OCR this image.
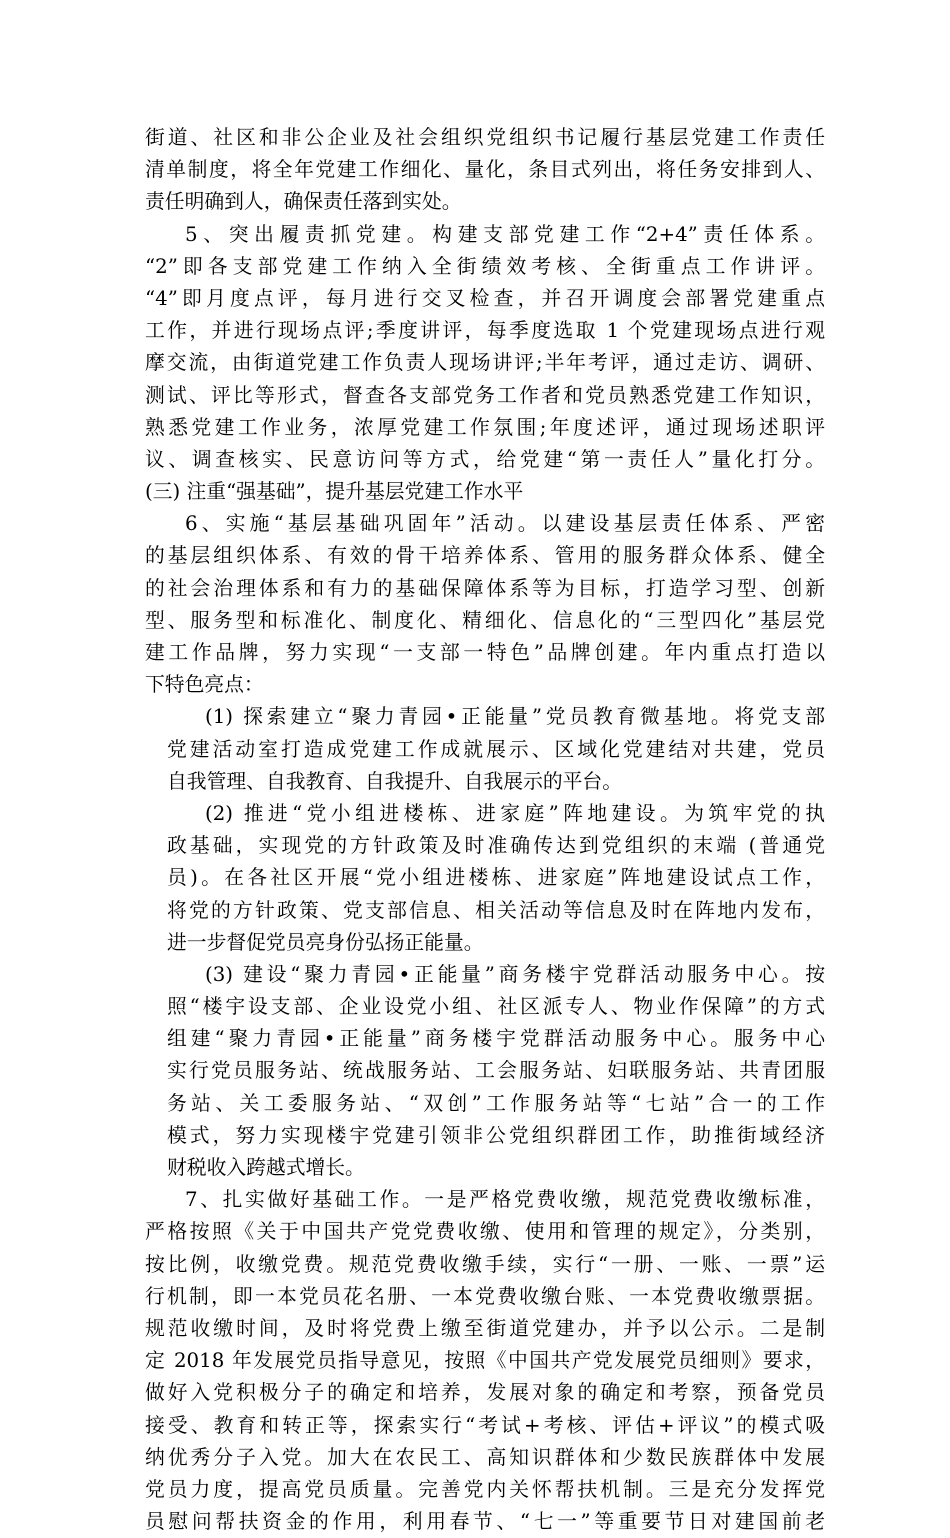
街道、社区和非公企业及社会组织党组织书记履行基层党建工作责任
清单制度，将全年党建工作细化、量化，条目式列出，将任务安排到人、
责任明确到人，确保责任落到实处。
5、突出履责抓党建。构建支部党建工作“2+4”责任体系。
“2”即各支部党建工作纳入全街绩效考核、全街重点工作讲评。
“4”即月度点评，每月进行交叉检查，并召开调度会部署党建重点
工作，并进行现场点评;季度讲评，每季度选取 1 个党建现场点进行观
摩交流，由街道党建工作负责人现场讲评;半年考评，通过走访、调研、
测试、评比等形式，督查各支部党务工作者和党员熟悉党建工作知识，
熟悉党建工作业务，浓厚党建工作氛围;年度述评，通过现场述职评
议、调查核实、民意访问等方式，给党建“第一责任人”量化打分。
(三) 注重“强基础”，提升基层党建工作水平
6、实施“基层基础巩固年”活动。以建设基层责任体系、严密
的基层组织体系、有效的骨干培养体系、管用的服务群众体系、健全
的社会治理体系和有力的基础保障体系等为目标，打造学习型、创新
型、服务型和标准化、制度化、精细化、信息化的“三型四化”基层党
建工作品牌，努力实现“一支部一特色”品牌创建。年内重点打造以
下特色亮点：
(1) 探索建立“聚力青园•正能量”党员教育微基地。将党支部
党建活动室打造成党建工作成就展示、区域化党建结对共建，党员
自我管理、自我教育、自我提升、自我展示的平台。
(2) 推进“党小组进楼栋、进家庭”阵地建设。为筑牢党的执
政基础，实现党的方针政策及时准确传达到党组织的末端 (普通党
员)。在各社区开展“党小组进楼栋、进家庭”阵地建设试点工作，
将党的方针政策、党支部信息、相关活动等信息及时在阵地内发布，
进一步督促党员亮身份弘扬正能量。
(3) 建设“聚力青园•正能量”商务楼宇党群活动服务中心。按
照“楼宇设支部、企业设党小组、社区派专人、物业作保障”的方式
组建“聚力青园•正能量”商务楼宇党群活动服务中心。服务中心
实行党员服务站、统战服务站、工会服务站、妇联服务站、共青团服
务站、关工委服务站、“双创”工作服务站等“七站”合一的工作
模式，努力实现楼宇党建引领非公党组织群团工作，助推街域经济
财税收入跨越式增长。
7、扎实做好基础工作。一是严格党费收缴，规范党费收缴标准，
严格按照《关于中国共产党党费收缴、使用和管理的规定》，分类别，
按比例，收缴党费。规范党费收缴手续，实行“一册、一账、一票”运
行机制，即一本党员花名册、一本党费收缴台账、一本党费收缴票据。
规范收缴时间，及时将党费上缴至街道党建办，并予以公示。二是制
定 2018 年发展党员指导意见，按照《中国共产党发展党员细则》要求，
做好入党积极分子的确定和培养，发展对象的确定和考察，预备党员
接受、教育和转正等，探索实行“考试+考核、评估+评议”的模式吸
纳优秀分子入党。加大在农民工、高知识群体和少数民族群体中发展
党员力度，提高党员质量。完善党内关怀帮扶机制。三是充分发挥党
员慰问帮扶资金的作用，利用春节、“七一”等重要节日对建国前老
